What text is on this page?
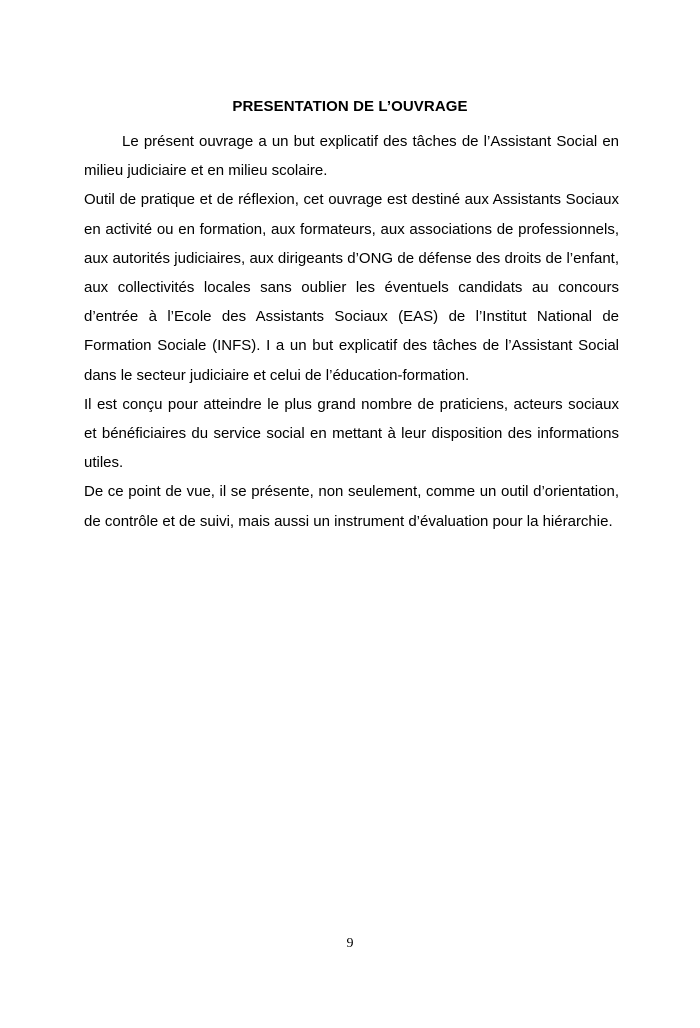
PRESENTATION DE L’OUVRAGE

Le présent ouvrage a un but explicatif des tâches de l’Assistant Social en milieu judiciaire et en milieu scolaire.

Outil de pratique et de réflexion, cet ouvrage est destiné aux Assistants Sociaux en activité ou en formation, aux formateurs, aux associations de professionnels, aux autorités judiciaires, aux dirigeants d’ONG de défense des droits de l’enfant, aux collectivités locales sans oublier les éventuels candidats au concours d’entrée à l’Ecole des Assistants Sociaux (EAS) de l’Institut National de Formation Sociale (INFS). I a un but explicatif des tâches de l’Assistant Social dans le secteur judiciaire et celui de l’éducation-formation.

Il est conçu pour atteindre le plus grand nombre de praticiens, acteurs sociaux et bénéficiaires du service social en mettant à leur disposition des informations utiles.

De ce point de vue, il se présente, non seulement, comme un outil d’orientation, de contrôle et de suivi, mais aussi un instrument d’évaluation pour la hiérarchie.

9
